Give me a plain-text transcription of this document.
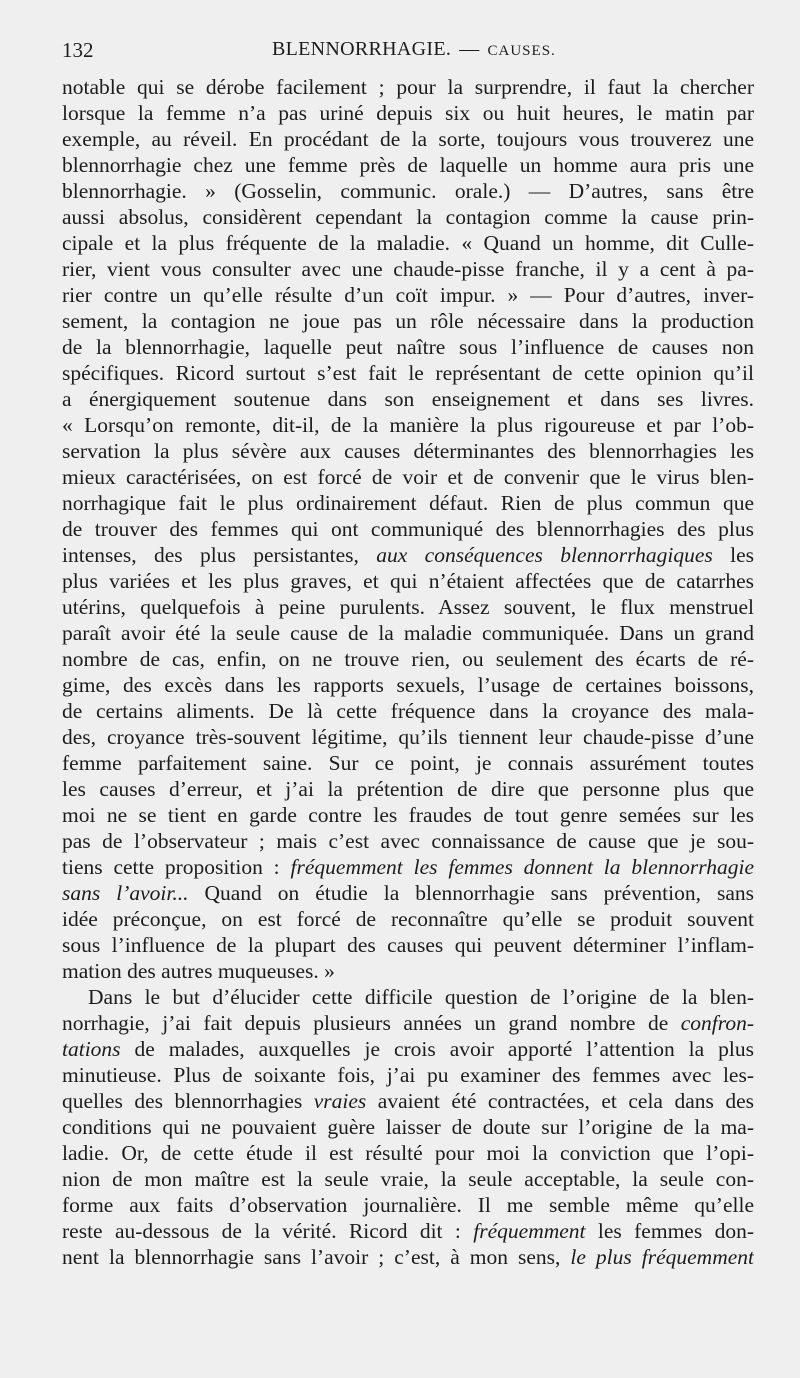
132	BLENNORRHAGIE. — CAUSES.
notable qui se dérobe facilement ; pour la surprendre, il faut la chercher
lorsque la femme n’a pas uriné depuis six ou huit heures, le matin par
exemple, au réveil. En procédant de la sorte, toujours vous trouverez une
blennorrhagie chez une femme près de laquelle un homme aura pris une
blennorrhagie. » (Gosselin, communic. orale.) — D’autres, sans être
aussi absolus, considèrent cependant la contagion comme la cause prin-
cipale et la plus fréquente de la maladie. « Quand un homme, dit Culle-
rier, vient vous consulter avec une chaude-pisse franche, il y a cent à pa-
rier contre un qu’elle résulte d’un coït impur. » — Pour d’autres, inver-
sement, la contagion ne joue pas un rôle nécessaire dans la production
de la blennorrhagie, laquelle peut naître sous l’influence de causes non
spécifiques. Ricord surtout s’est fait le représentant de cette opinion qu’il
a énergiquement soutenue dans son enseignement et dans ses livres.
« Lorsqu’on remonte, dit-il, de la manière la plus rigoureuse et par l’ob-
servation la plus sévère aux causes déterminantes des blennorrhagies les
mieux caractérisées, on est forcé de voir et de convenir que le virus blen-
norrhagique fait le plus ordinairement défaut. Rien de plus commun que
de trouver des femmes qui ont communiqué des blennorrhagies des plus
intenses, des plus persistantes, aux conséquences blennorrhagiques les
plus variées et les plus graves, et qui n’étaient affectées que de catarrhes
utérins, quelquefois à peine purulents. Assez souvent, le flux menstruel
paraît avoir été la seule cause de la maladie communiquée. Dans un grand
nombre de cas, enfin, on ne trouve rien, ou seulement des écarts de ré-
gime, des excès dans les rapports sexuels, l’usage de certaines boissons,
de certains aliments. De là cette fréquence dans la croyance des mala-
des, croyance très-souvent légitime, qu’ils tiennent leur chaude-pisse d’une
femme parfaitement saine. Sur ce point, je connais assurément toutes
les causes d’erreur, et j’ai la prétention de dire que personne plus que
moi ne se tient en garde contre les fraudes de tout genre semées sur les
pas de l’observateur ; mais c’est avec connaissance de cause que je sou-
tiens cette proposition : fréquemment les femmes donnent la blennorrhagie
sans l’avoir... Quand on étudie la blennorrhagie sans prévention, sans
idée préconçue, on est forcé de reconnaître qu’elle se produit souvent
sous l’influence de la plupart des causes qui peuvent déterminer l’inflam-
mation des autres muqueuses. »
Dans le but d’élucider cette difficile question de l’origine de la blen-
norrhagie, j’ai fait depuis plusieurs années un grand nombre de confron-
tations de malades, auxquelles je crois avoir apporté l’attention la plus
minutieuse. Plus de soixante fois, j’ai pu examiner des femmes avec les-
quelles des blennorrhagies vraies avaient été contractées, et cela dans des
conditions qui ne pouvaient guère laisser de doute sur l’origine de la ma-
ladie. Or, de cette étude il est résulté pour moi la conviction que l’opi-
nion de mon maître est la seule vraie, la seule acceptable, la seule con-
forme aux faits d’observation journalière. Il me semble même qu’elle
reste au-dessous de la vérité. Ricord dit : fréquemment les femmes don-
nent la blennorrhagie sans l’avoir ; c’est, à mon sens, le plus fréquemment
